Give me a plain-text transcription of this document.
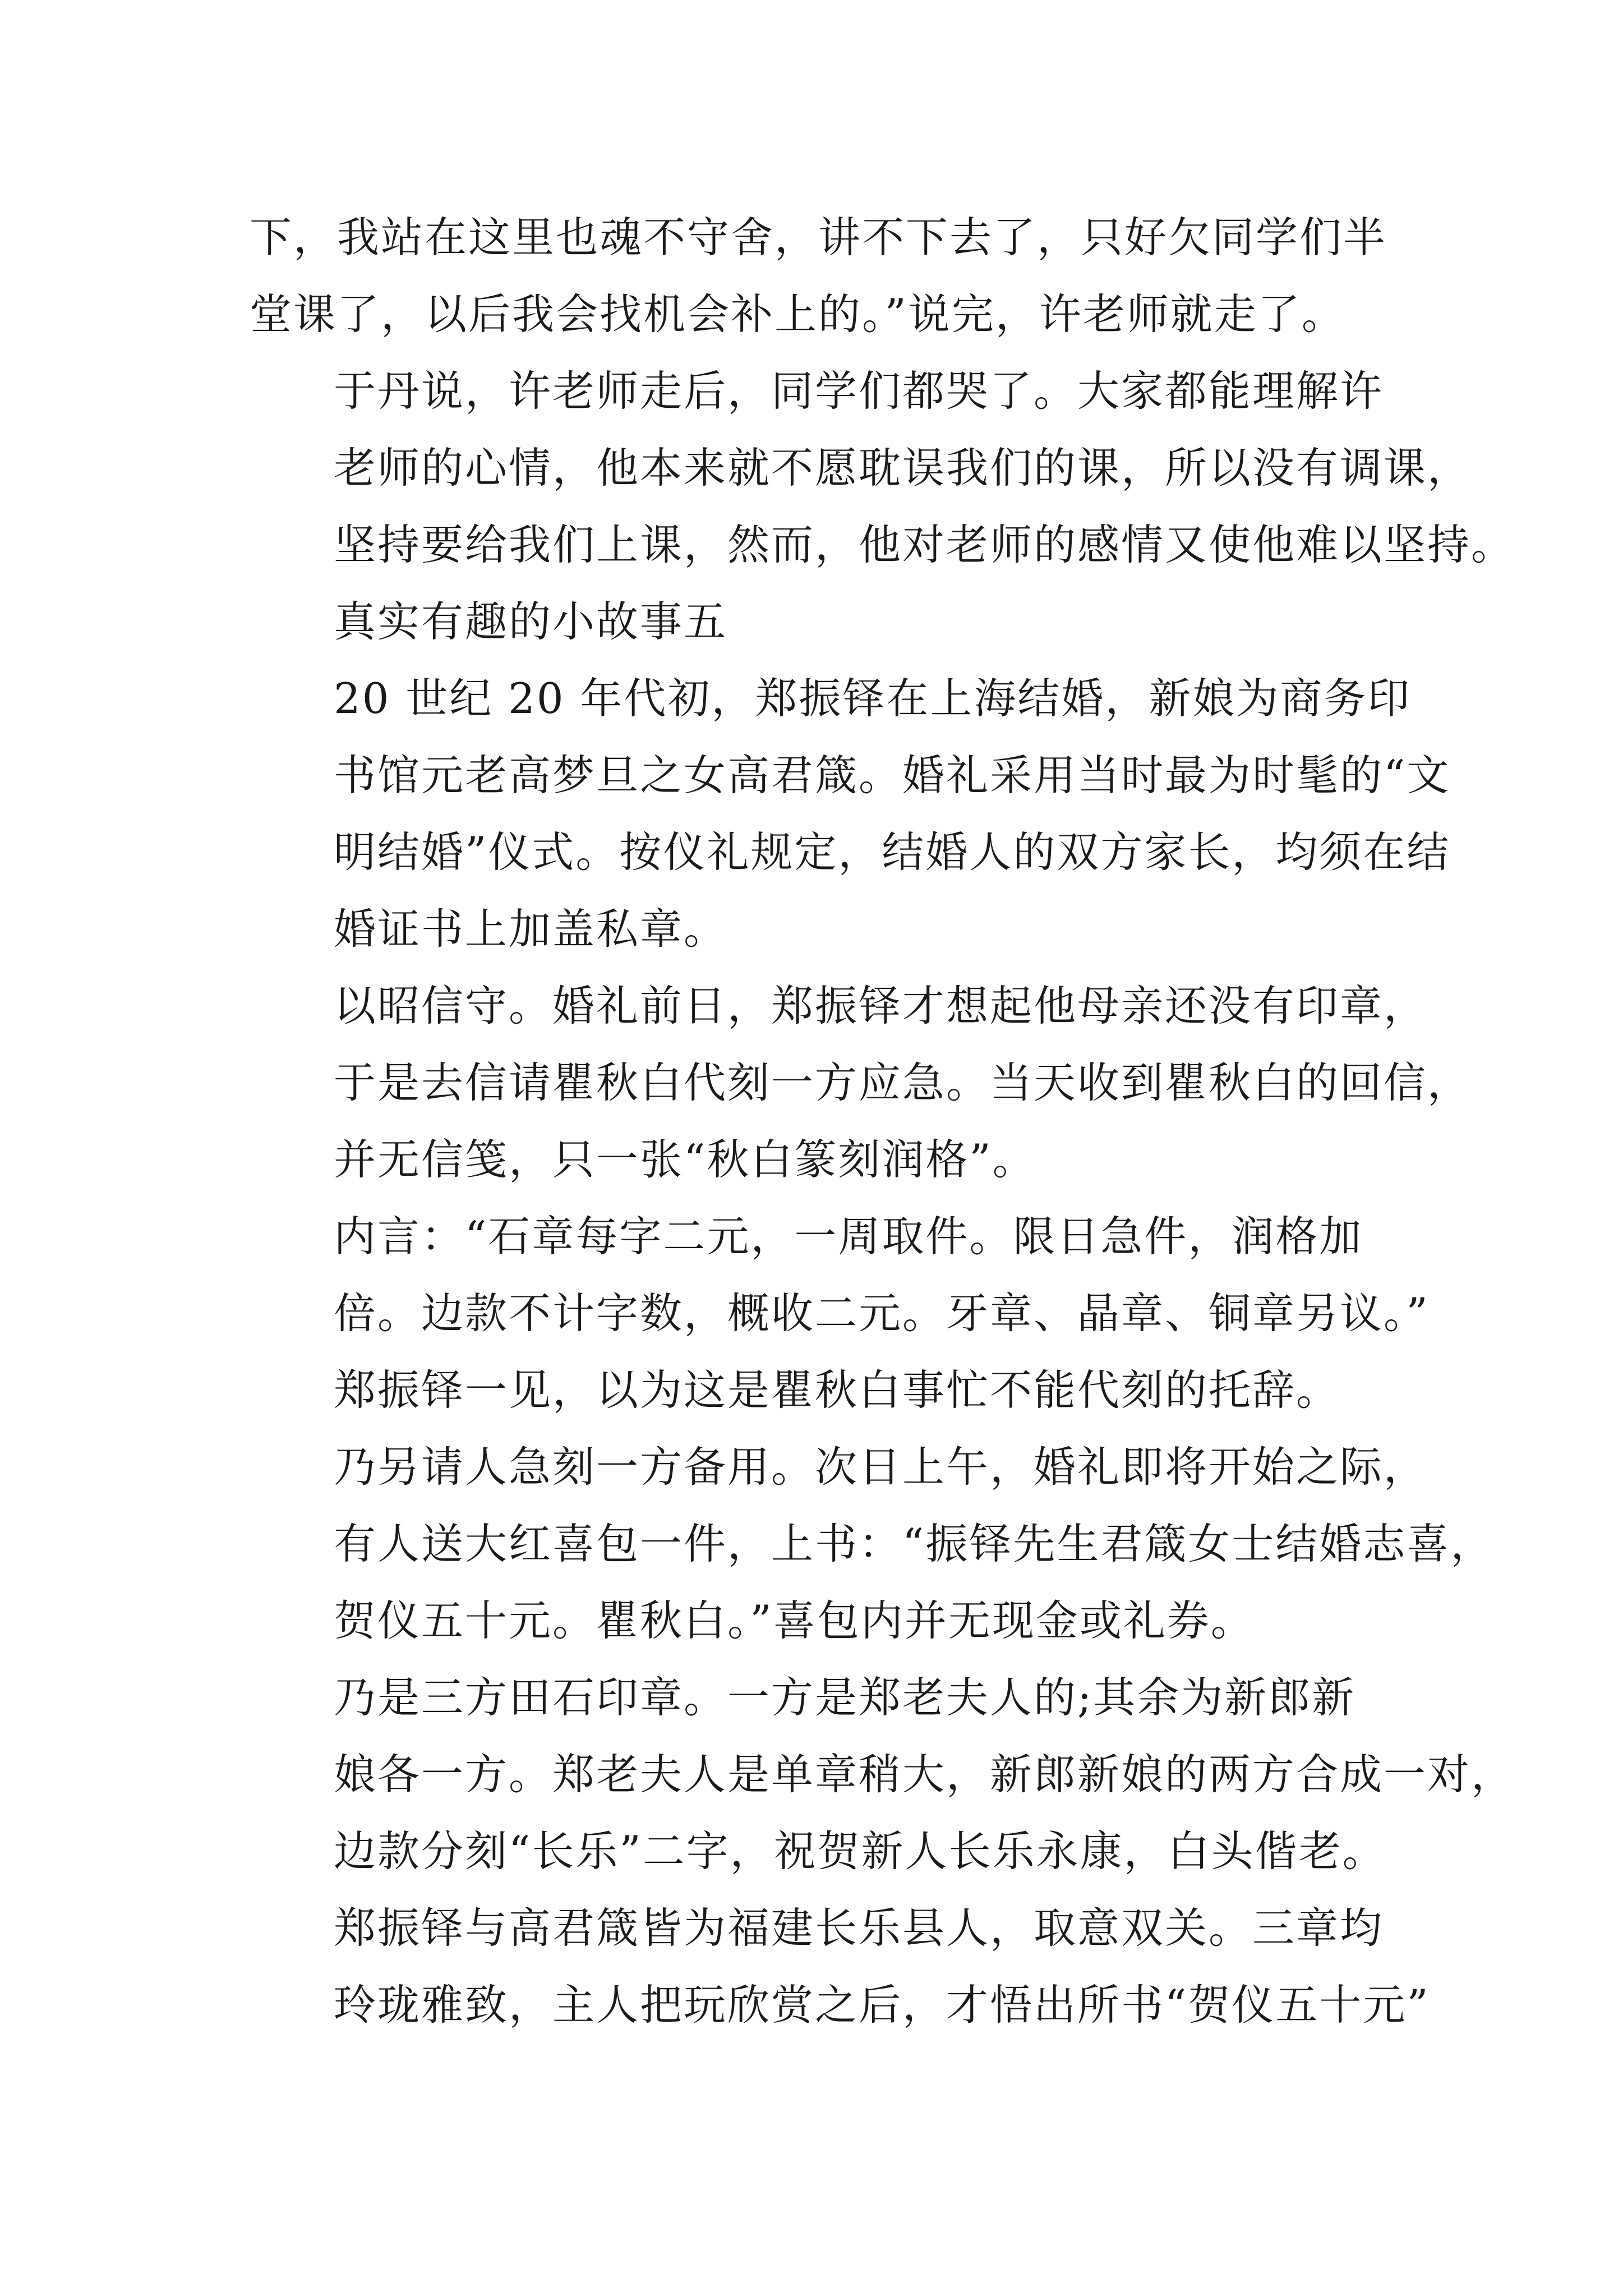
下，我站在这里也魂不守舍，讲不下去了，只好欠同学们半
堂课了，以后我会找机会补上的。”说完，许老师就走了。

于丹说，许老师走后，同学们都哭了。大家都能理解许
老师的心情，他本来就不愿耽误我们的课，所以没有调课，
坚持要给我们上课，然而，他对老师的感情又使他难以坚持。

真实有趣的小故事五

20 世纪 20 年代初，郑振铎在上海结婚，新娘为商务印
书馆元老高梦旦之女高君箴。婚礼采用当时最为时髦的“文
明结婚”仪式。按仪礼规定，结婚人的双方家长，均须在结
婚证书上加盖私章。

以昭信守。婚礼前日，郑振铎才想起他母亲还没有印章，
于是去信请瞿秋白代刻一方应急。当天收到瞿秋白的回信，
并无信笺，只一张“秋白篆刻润格”。

内言：“石章每字二元，一周取件。限日急件，润格加
倍。边款不计字数，概收二元。牙章、晶章、铜章另议。”
郑振铎一见，以为这是瞿秋白事忙不能代刻的托辞。

乃另请人急刻一方备用。次日上午，婚礼即将开始之际，
有人送大红喜包一件，上书：“振铎先生君箴女士结婚志喜，
贺仪五十元。瞿秋白。”喜包内并无现金或礼券。

乃是三方田石印章。一方是郑老夫人的;其余为新郎新
娘各一方。郑老夫人是单章稍大，新郎新娘的两方合成一对，
边款分刻“长乐”二字，祝贺新人长乐永康，白头偕老。

郑振铎与高君箴皆为福建长乐县人，取意双关。三章均
玲珑雅致，主人把玩欣赏之后，才悟出所书“贺仪五十元”
